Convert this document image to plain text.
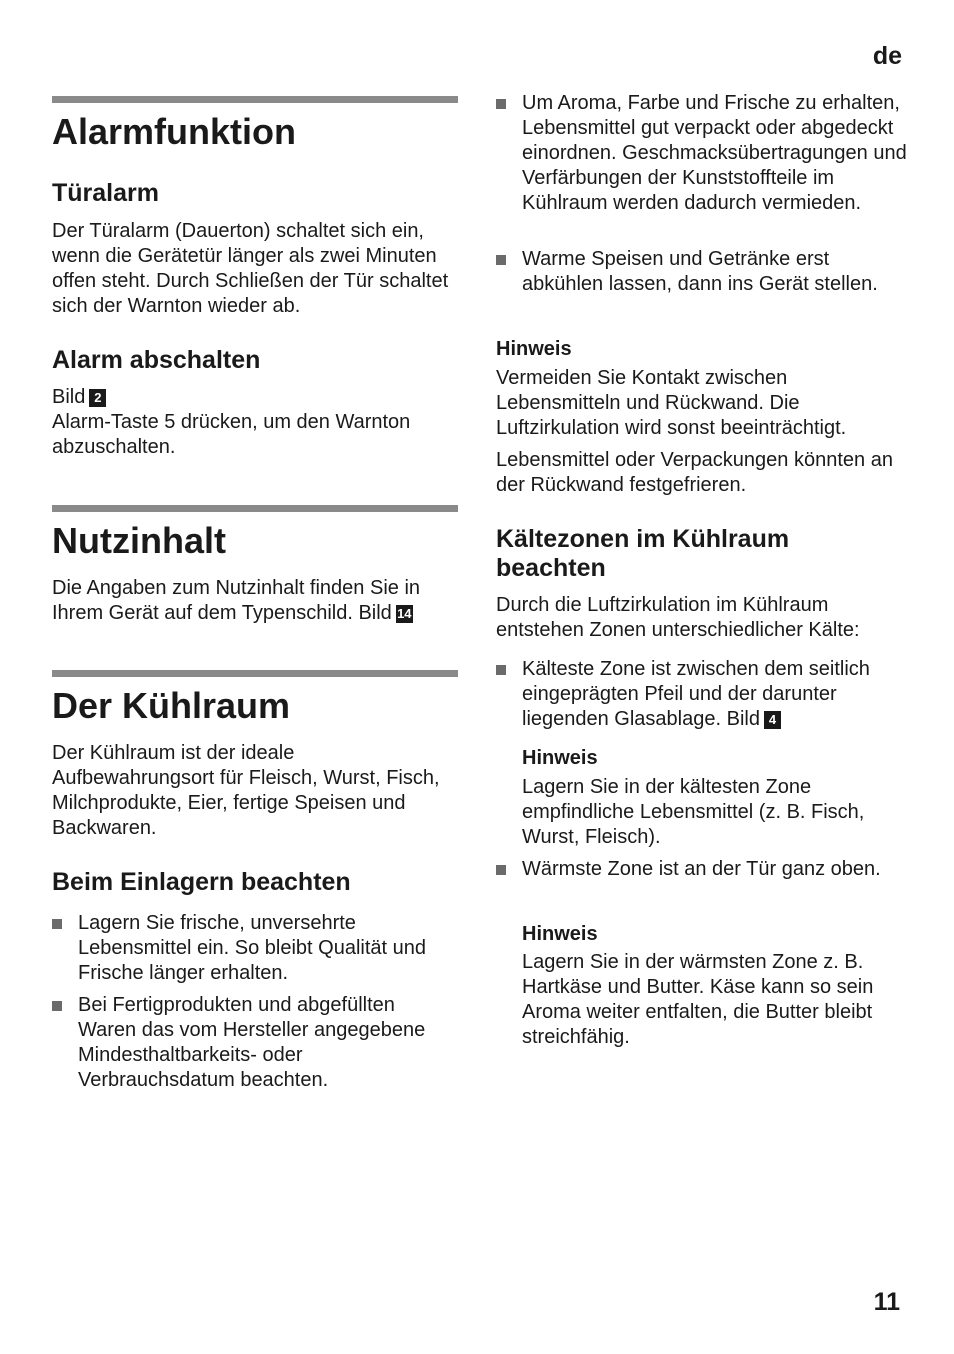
de
Alarmfunktion
Türalarm

Der Türalarm (Dauerton) schaltet sich ein, wenn die Gerätetür länger als zwei Minuten offen steht. Durch Schließen der Tür schaltet sich der Warnton wieder ab.

Alarm abschalten

Bild 2

Alarm-Taste 5 drücken, um den Warnton abzuschalten.

Nutzinhalt

Die Angaben zum Nutzinhalt finden Sie in Ihrem Gerät auf dem Typenschild. Bild 14

Der Kühlraum

Der Kühlraum ist der ideale Aufbewahrungsort für Fleisch, Wurst, Fisch, Milchprodukte, Eier, fertige Speisen und Backwaren.

Beim Einlagern beachten
Lagern Sie frische, unversehrte Lebensmittel ein. So bleibt Qualität und Frische länger erhalten.
Bei Fertigprodukten und abgefüllten Waren das vom Hersteller angegebene Mindesthaltbarkeits- oder Verbrauchsdatum beachten.
Um Aroma, Farbe und Frische zu erhalten, Lebensmittel gut verpackt oder abgedeckt einordnen. Geschmacksübertragungen und Verfärbungen der Kunststoffteile im Kühlraum werden dadurch vermieden.
Warme Speisen und Getränke erst abkühlen lassen, dann ins Gerät stellen.
Hinweis

Vermeiden Sie Kontakt zwischen Lebensmitteln und Rückwand. Die Luftzirkulation wird sonst beeinträchtigt.

Lebensmittel oder Verpackungen könnten an der Rückwand festgefrieren.

Kältezonen im Kühlraum beachten

Durch die Luftzirkulation im Kühlraum entstehen Zonen unterschiedlicher Kälte:

Kälteste Zone ist zwischen dem seitlich eingeprägten Pfeil und der darunter liegenden Glasablage. Bild 4
Hinweis

Lagern Sie in der kältesten Zone empfindliche Lebensmittel (z. B. Fisch, Wurst, Fleisch).

Wärmste Zone ist an der Tür ganz oben.
Hinweis

Lagern Sie in der wärmsten Zone z. B. Hartkäse und Butter. Käse kann so sein Aroma weiter entfalten, die Butter bleibt streichfähig.

11
